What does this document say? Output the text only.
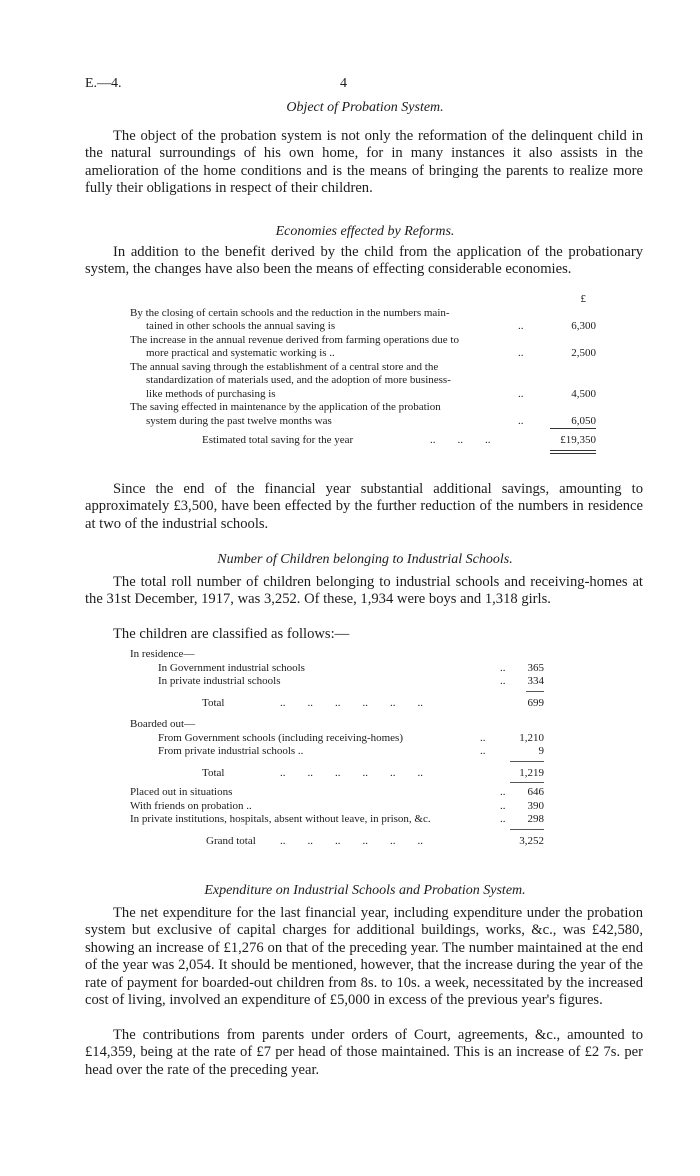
E.—4.	4
Object of Probation System.
The object of the probation system is not only the reformation of the delinquent child in the natural surroundings of his own home, for in many instances it also assists in the amelioration of the home conditions and is the means of bringing the parents to realize more fully their obligations in respect of their children.
Economies effected by Reforms.
In addition to the benefit derived by the child from the application of the probationary system, the changes have also been the means of effecting considerable economies.
£
By the closing of certain schools and the reduction in the numbers main-
tained in other schools the annual saving is	..	6,300
The increase in the annual revenue derived from farming operations due to
more practical and systematic working is ..	..	2,500
The annual saving through the establishment of a central store and the
standardization of materials used, and the adoption of more business-
like methods of purchasing is	..	4,500
The saving effected in maintenance by the application of the probation
system during the past twelve months was	..	6,050
Estimated total saving for the year	..        ..        ..	£19,350
Since the end of the financial year substantial additional savings, amounting to approximately £3,500, have been effected by the further reduction of the numbers in residence at two of the industrial schools.
Number of Children belonging to Industrial Schools.
The total roll number of children belonging to industrial schools and receiving-homes at the 31st December, 1917, was 3,252. Of these, 1,934 were boys and 1,318 girls.
The children are classified as follows:—
In residence—
In Government industrial schools	.. 365
In private industrial schools	.. 334
Total	..        ..        ..        ..        ..        ..	699
Boarded out—
From Government schools (including receiving-homes)	..	1,210
From private industrial schools ..	..	9
Total	..        ..        ..        ..        ..        ..	1,219
Placed out in situations	.. 646
With friends on probation ..	.. 390
In private institutions, hospitals, absent without leave, in prison, &c.	.. 298
Grand total ..        ..        ..        ..        ..        ..	3,252
Expenditure on Industrial Schools and Probation System.
The net expenditure for the last financial year, including expenditure under the probation system but exclusive of capital charges for additional buildings, works, &c., was £42,580, showing an increase of £1,276 on that of the preceding year. The number maintained at the end of the year was 2,054. It should be mentioned, however, that the increase during the year of the rate of payment for boarded-out children from 8s. to 10s. a week, necessitated by the increased cost of living, involved an expenditure of £5,000 in excess of the previous year's figures.
The contributions from parents under orders of Court, agreements, &c., amounted to £14,359, being at the rate of £7 per head of those maintained. This is an increase of £2 7s. per head over the rate of the preceding year.
